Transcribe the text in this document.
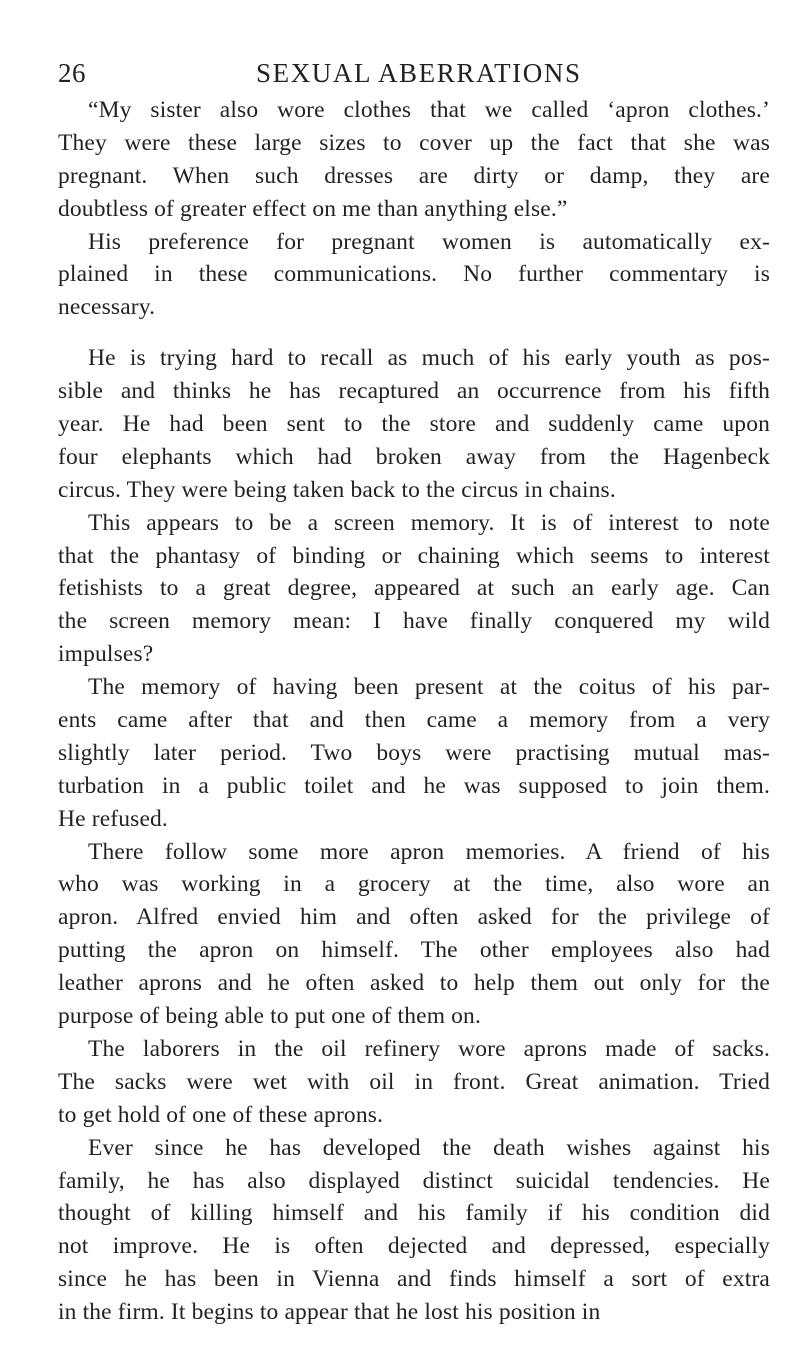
26	SEXUAL ABERRATIONS
“My sister also wore clothes that we called ‘apron clothes.’
They were these large sizes to cover up the fact that she was
pregnant. When such dresses are dirty or damp, they are
doubtless of greater effect on me than anything else.”
His preference for pregnant women is automatically ex-
plained in these communications. No further commentary is
necessary.
He is trying hard to recall as much of his early youth as pos-
sible and thinks he has recaptured an occurrence from his fifth
year. He had been sent to the store and suddenly came upon
four elephants which had broken away from the Hagenbeck
circus. They were being taken back to the circus in chains.
This appears to be a screen memory. It is of interest to note
that the phantasy of binding or chaining which seems to interest
fetishists to a great degree, appeared at such an early age. Can
the screen memory mean: I have finally conquered my wild
impulses?
The memory of having been present at the coitus of his par-
ents came after that and then came a memory from a very
slightly later period. Two boys were practising mutual mas-
turbation in a public toilet and he was supposed to join them.
He refused.
There follow some more apron memories. A friend of his
who was working in a grocery at the time, also wore an
apron. Alfred envied him and often asked for the privilege of
putting the apron on himself. The other employees also had
leather aprons and he often asked to help them out only for the
purpose of being able to put one of them on.
The laborers in the oil refinery wore aprons made of sacks.
The sacks were wet with oil in front. Great animation. Tried
to get hold of one of these aprons.
Ever since he has developed the death wishes against his
family, he has also displayed distinct suicidal tendencies. He
thought of killing himself and his family if his condition did
not improve. He is often dejected and depressed, especially
since he has been in Vienna and finds himself a sort of extra
in the firm. It begins to appear that he lost his position in
